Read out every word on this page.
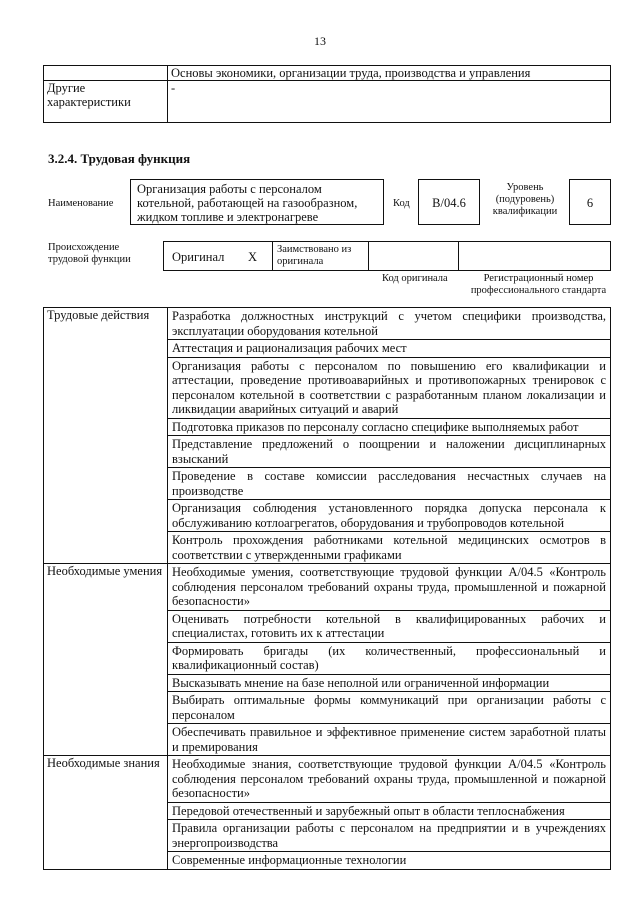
13
	Основы экономики, организации труда, производства и управления
Другие характеристики	-
3.2.4. Трудовая функция
Наименование
Организация работы с персоналом котельной, работающей на газообразном, жидком топливе и электронагреве
Код	B/04.6
Уровень (подуровень) квалификации
6
Происхождение трудовой функции	Оригинал X
Заимствовано из оригинала
Код оригинала	Регистрационный номер профессионального стандарта
Трудовые действия	Разработка должностных инструкций с учетом специфики производства, эксплуатации оборудования котельной
	Аттестация и рационализация рабочих мест
	Организация работы с персоналом по повышению его квалификации и аттестации, проведение противоаварийных и противопожарных тренировок с персоналом котельной в соответствии с разработанным планом локализации и ликвидации аварийных ситуаций и аварий
	Подготовка приказов по персоналу согласно специфике выполняемых работ
	Представление предложений о поощрении и наложении дисциплинарных взысканий
	Проведение в составе комиссии расследования несчастных случаев на производстве
	Организация соблюдения установленного порядка допуска персонала к обслуживанию котлоагрегатов, оборудования и трубопроводов котельной
	Контроль прохождения работниками котельной медицинских осмотров в соответствии с утвержденными графиками
Необходимые умения	Необходимые умения, соответствующие трудовой функции А/04.5 «Контроль соблюдения персоналом требований охраны труда, промышленной и пожарной безопасности»
	Оценивать потребности котельной в квалифицированных рабочих и специалистах, готовить их к аттестации
	Формировать бригады (их количественный, профессиональный и квалификационный состав)
	Высказывать мнение на базе неполной или ограниченной информации
	Выбирать оптимальные формы коммуникаций при организации работы с персоналом
	Обеспечивать правильное и эффективное применение систем заработной платы и премирования
Необходимые знания	Необходимые знания, соответствующие трудовой функции А/04.5 «Контроль соблюдения персоналом требований охраны труда, промышленной и пожарной безопасности»
	Передовой отечественный и зарубежный опыт в области теплоснабжения
	Правила организации работы с персоналом на предприятии и в учреждениях энергопроизводства
	Современные информационные технологии
